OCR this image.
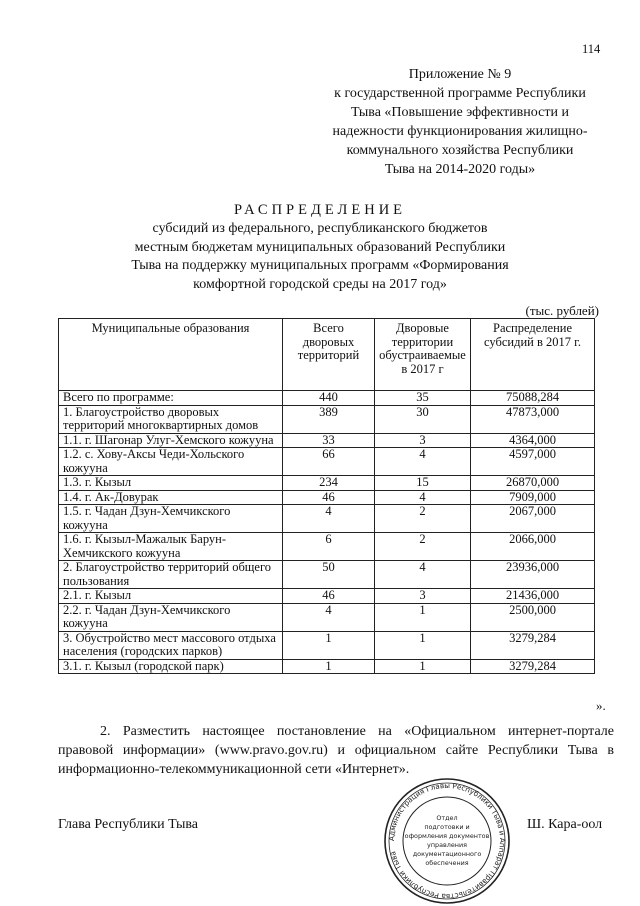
114
Приложение № 9
к государственной программе Республики
Тыва «Повышение эффективности и
надежности функционирования жилищно-
коммунального хозяйства Республики
Тыва на 2014-2020 годы»
РАСПРЕДЕЛЕНИЕ
субсидий из федерального, республиканского бюджетов
местным бюджетам муниципальных образований Республики
Тыва на поддержку муниципальных программ «Формирования
комфортной городской среды на 2017 год»
(тыс. рублей)
Муниципальные образования	Всего дворовых территорий	Дворовые территории обустраиваемые в 2017 г	Распределение субсидий в 2017 г.
Всего по программе:	440	35	75088,284
1. Благоустройство дворовых территорий многоквартирных домов	389	30	47873,000
1.1. г. Шагонар Улуг-Хемского кожууна	33	3	4364,000
1.2. с. Хову-Аксы Чеди-Хольского кожууна	66	4	4597,000
1.3. г. Кызыл	234	15	26870,000
1.4. г. Ак-Довурак	46	4	7909,000
1.5. г. Чадан Дзун-Хемчикского кожууна	4	2	2067,000
1.6. г. Кызыл-Мажалык Барун-Хемчикского кожууна	6	2	2066,000
2. Благоустройство территорий общего пользования	50	4	23936,000
2.1. г. Кызыл	46	3	21436,000
2.2. г. Чадан Дзун-Хемчикского кожууна	4	1	2500,000
3. Обустройство мест массового отдыха населения (городских парков)	1	1	3279,284
3.1. г. Кызыл (городской парк)	1	1	3279,284
».
2. Разместить настоящее постановление на «Официальном интернет-портале правовой информации» (www.pravo.gov.ru) и официальном сайте Республики Тыва в информационно-телекоммуникационной сети «Интернет».
Глава Республики Тыва
Администрация Главы Республики Тыва и Аппарат Правительства Республики Тыва
Отдел
подготовки и
оформления документов
управления
документационного
обеспечения
Ш. Кара-оол
